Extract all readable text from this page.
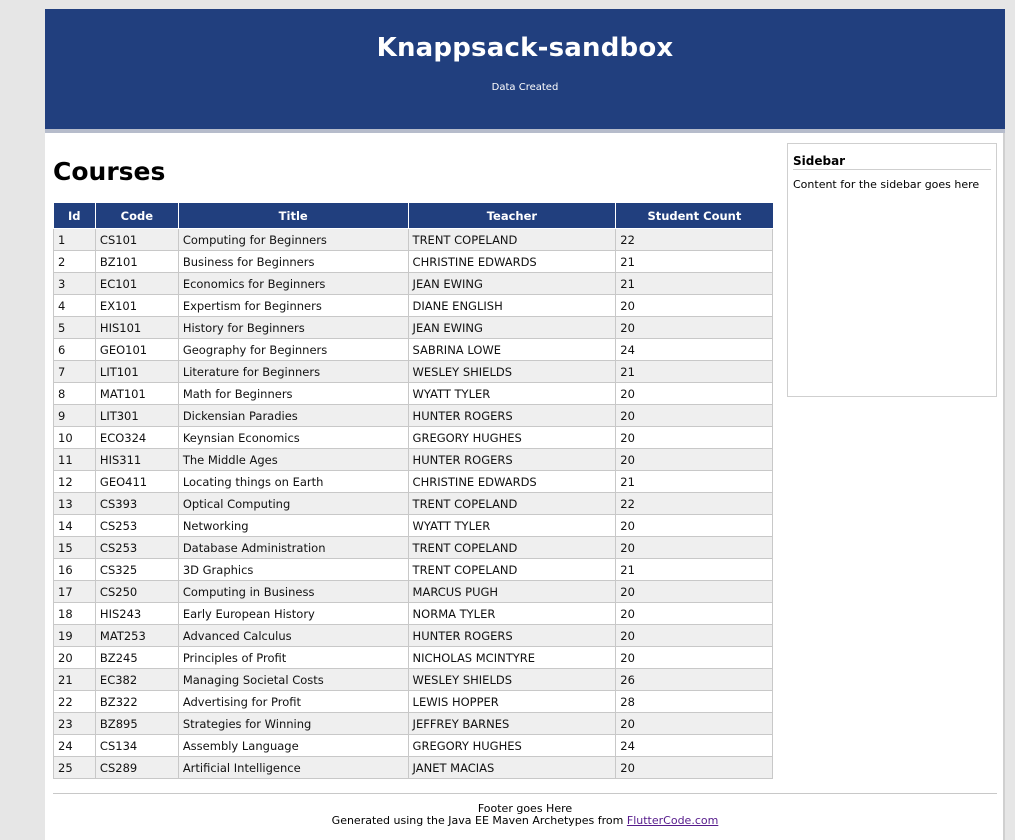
Knappsack-sandbox
Data Created
Courses
Id	Code	Title	Teacher	Student Count
1	CS101	Computing for Beginners	TRENT COPELAND	22
2	BZ101	Business for Beginners	CHRISTINE EDWARDS	21
3	EC101	Economics for Beginners	JEAN EWING	21
4	EX101	Expertism for Beginners	DIANE ENGLISH	20
5	HIS101	History for Beginners	JEAN EWING	20
6	GEO101	Geography for Beginners	SABRINA LOWE	24
7	LIT101	Literature for Beginners	WESLEY SHIELDS	21
8	MAT101	Math for Beginners	WYATT TYLER	20
9	LIT301	Dickensian Paradies	HUNTER ROGERS	20
10	ECO324	Keynsian Economics	GREGORY HUGHES	20
11	HIS311	The Middle Ages	HUNTER ROGERS	20
12	GEO411	Locating things on Earth	CHRISTINE EDWARDS	21
13	CS393	Optical Computing	TRENT COPELAND	22
14	CS253	Networking	WYATT TYLER	20
15	CS253	Database Administration	TRENT COPELAND	20
16	CS325	3D Graphics	TRENT COPELAND	21
17	CS250	Computing in Business	MARCUS PUGH	20
18	HIS243	Early European History	NORMA TYLER	20
19	MAT253	Advanced Calculus	HUNTER ROGERS	20
20	BZ245	Principles of Profit	NICHOLAS MCINTYRE	20
21	EC382	Managing Societal Costs	WESLEY SHIELDS	26
22	BZ322	Advertising for Profit	LEWIS HOPPER	28
23	BZ895	Strategies for Winning	JEFFREY BARNES	20
24	CS134	Assembly Language	GREGORY HUGHES	24
25	CS289	Artificial Intelligence	JANET MACIAS	20
Sidebar
Content for the sidebar goes here
Footer goes Here
Generated using the Java EE Maven Archetypes from FlutterCode.com
